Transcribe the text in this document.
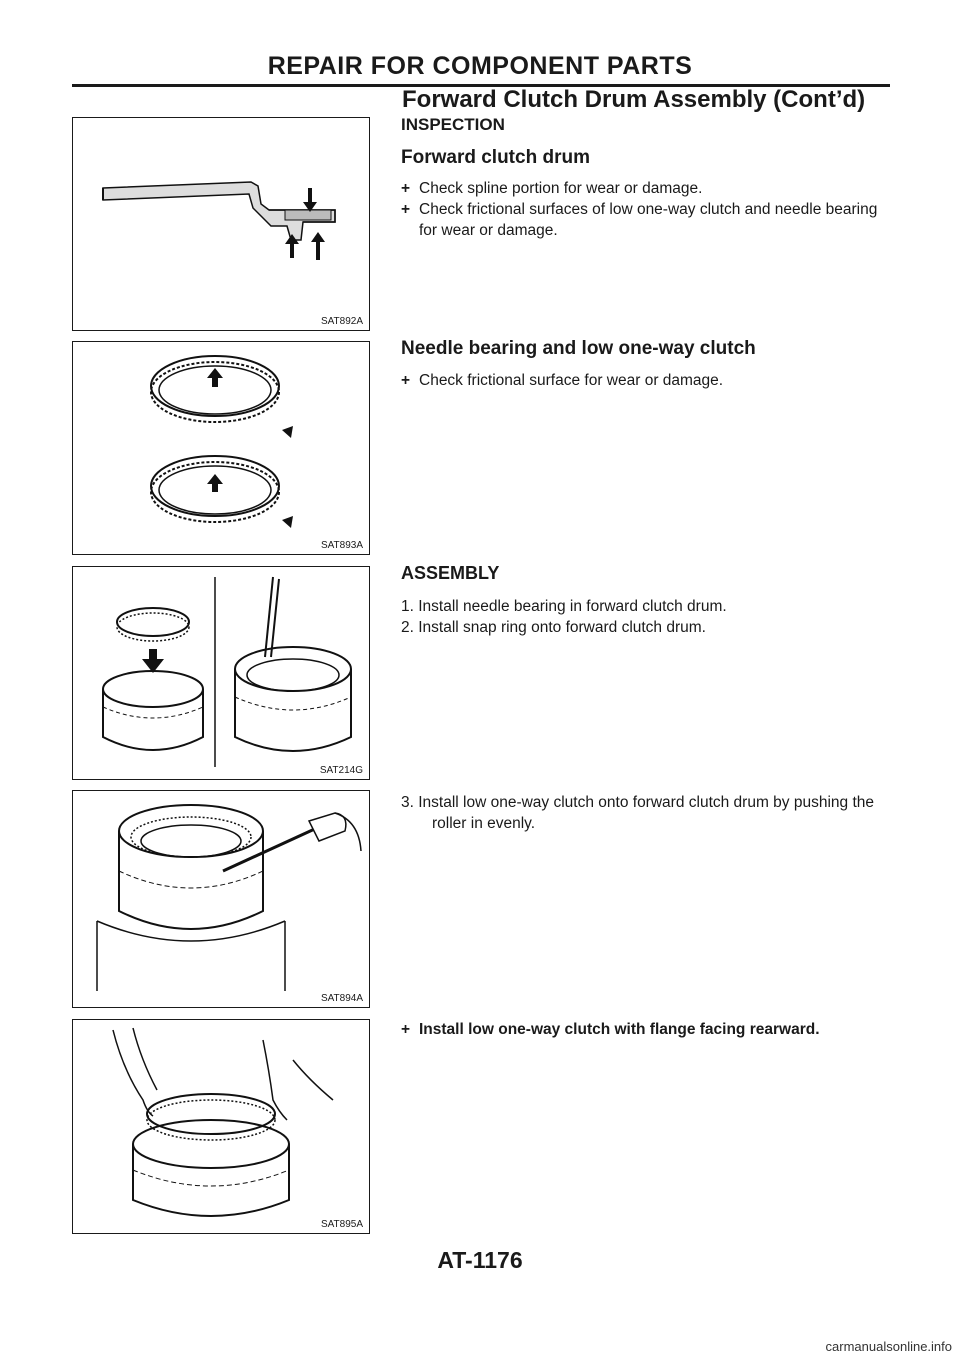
REPAIR FOR COMPONENT PARTS
Forward Clutch Drum Assembly (Cont’d)
SAT892A
SAT893A
SAT214G
SAT894A
SAT895A
INSPECTION
Forward clutch drum

+ Check spline portion for wear or damage.

+ Check frictional surfaces of low one-way clutch and needle bearing for wear or damage.

Needle bearing and low one-way clutch

+ Check frictional surface for wear or damage.

ASSEMBLY

1. Install needle bearing in forward clutch drum.

2. Install snap ring onto forward clutch drum.

3. Install low one-way clutch onto forward clutch drum by pushing the roller in evenly.

+ Install low one-way clutch with flange facing rearward.

AT-1176
carmanualsonline.info
